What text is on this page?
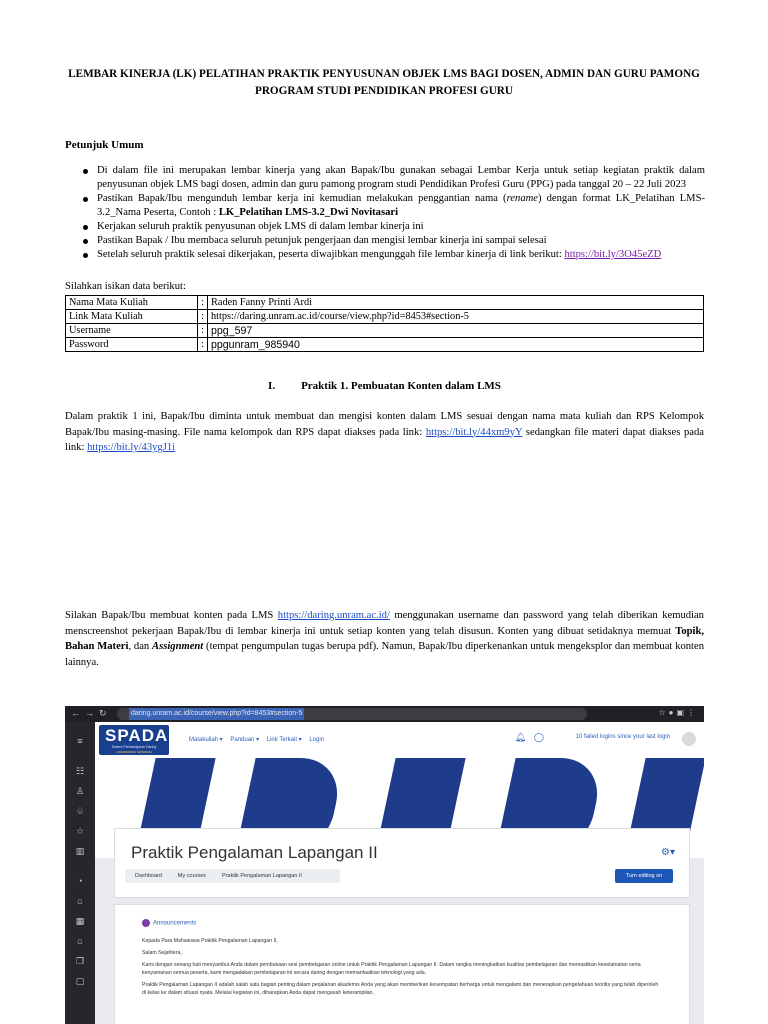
LEMBAR KINERJA (LK) PELATIHAN PRAKTIK PENYUSUNAN OBJEK LMS BAGI DOSEN, ADMIN DAN GURU PAMONG
PROGRAM STUDI PENDIDIKAN PROFESI GURU
Petunjuk Umum
Di dalam file ini merupakan lembar kinerja yang akan Bapak/Ibu gunakan sebagai Lembar Kerja untuk setiap kegiatan praktik dalam penyusunan objek LMS bagi dosen, admin dan guru pamong program studi Pendidikan Profesi Guru (PPG) pada tanggal 20 – 22 Juli 2023
Pastikan Bapak/Ibu mengunduh lembar kerja ini kemudian melakukan penggantian nama (rename) dengan format LK_Pelatihan LMS-3.2_Nama Peserta, Contoh : LK_Pelatihan LMS-3.2_Dwi Novitasari
Kerjakan seluruh praktik penyusunan objek LMS di dalam lembar kinerja ini
Pastikan Bapak / Ibu membaca seluruh petunjuk pengerjaan dan mengisi lembar kinerja ini sampai selesai
Setelah seluruh praktik selesai dikerjakan, peserta diwajibkan mengunggah file lembar kinerja di link berikut: https://bit.ly/3O45eZD
Silahkan isikan data berikut:
Nama Mata Kuliah	:	Raden Fanny Printi Ardi
Link Mata Kuliah	:	https://daring.unram.ac.id/course/view.php?id=8453#section-5
Username	:	ppg_597
Password	:	ppgunram_985940
I. Praktik 1. Pembuatan Konten dalam LMS
Dalam praktik 1 ini, Bapak/Ibu diminta untuk membuat dan mengisi konten dalam LMS sesuai dengan nama mata kuliah dan RPS Kelompok Bapak/Ibu masing-masing. File nama kelompok dan RPS dapat diakses pada link: https://bit.ly/44xm9yY sedangkan file materi dapat diakses pada link: https://bit.ly/43ygJ1i
Silakan Bapak/Ibu membuat konten pada LMS https://daring.unram.ac.id/ menggunakan username dan password yang telah diberikan kemudian menscreenshot pekerjaan Bapak/Ibu di lembar kinerja ini untuk setiap konten yang telah disusun. Konten yang dibuat setidaknya memuat Topik, Bahan Materi, dan Assignment (tempat pengumpulan tugas berupa pdf). Namun, Bapak/Ibu diperkenankan untuk mengeksplor dan membuat konten lainnya.
←→↻	daring.unram.ac.id/course/view.php?id=8453#section-5	☆●▣⋮
≡
☷
♙
♧
☆
▥
◔
⌂
▦
⌂
❐
▢
SPADA
Sistem Pembelajaran Daring
UNIVERSITAS MATARAM
Matakuliah ▾ Panduan ▾ Link Terkait ▾ Login	🔔︎ ◯	10 failed logins since your last login
Praktik Pengalaman Lapangan II	⚙︎▾
Dashboard	My courses	Praktik Pengalaman Lapangan II	Turn editing on
Announcements

Kepada Para Mahasiswa Praktik Pengalaman Lapangan II,

Salam Sejahtera,

Kami dengan senang hati menyambut Anda dalam pembukaan sesi pembelajaran online untuk Praktik Pengalaman Lapangan II. Dalam rangka meningkatkan kualitas pembelajaran dan memastikan keselamatan serta kenyamanan semua peserta, kami mengadakan pembelajaran ini secara daring dengan memanfaatkan teknologi yang ada.

Praktik Pengalaman Lapangan II adalah salah satu bagian penting dalam perjalanan akademis Anda yang akan memberikan kesempatan berharga untuk mengalami dan menerapkan pengetahuan teoritis yang telah diperoleh di kelas ke dalam situasi nyata. Melalui kegiatan ini, diharapkan Anda dapat mengasah keterampilan,
